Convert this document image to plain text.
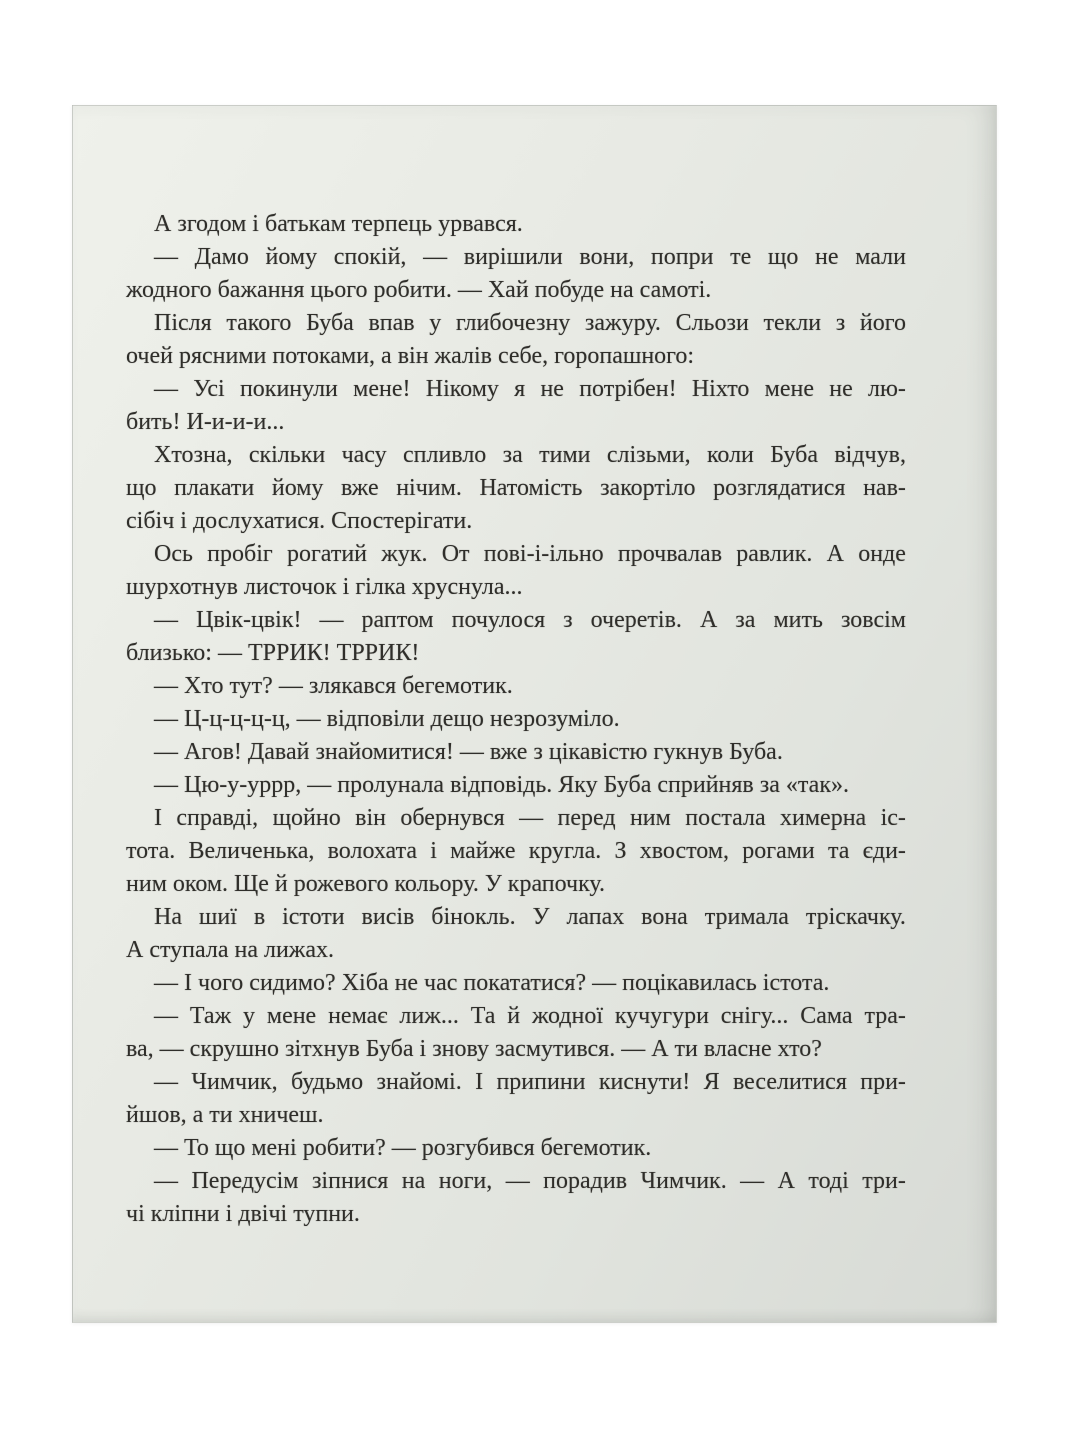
А згодом і батькам терпець урвався.
— Дамо йому спокій, — вирішили вони, попри те що не мали
жодного бажання цього робити. — Хай побуде на самоті.
Після такого Буба впав у глибочезну зажуру. Сльози текли з його
очей рясними потоками, а він жалів себе, горопашного:
— Усі покинули мене! Нікому я не потрібен! Ніхто мене не лю-
бить! И-и-и-и...
Хтозна, скільки часу спливло за тими слізьми, коли Буба відчув,
що плакати йому вже нічим. Натомість закортіло розглядатися нав-
сібіч і дослухатися. Спостерігати.
Ось пробіг рогатий жук. От пові-і-ільно прочвалав равлик. А онде
шурхотнув листочок і гілка хруснула...
— Цвік-цвік! — раптом почулося з очеретів. А за мить зовсім
близько: — ТРРИК! ТРРИК!
— Хто тут? — злякався бегемотик.
— Ц-ц-ц-ц-ц, — відповіли дещо незрозуміло.
— Агов! Давай знайомитися! — вже з цікавістю гукнув Буба.
— Цю-у-уррр, — пролунала відповідь. Яку Буба сприйняв за «так».
І справді, щойно він обернувся — перед ним постала химерна іс-
тота. Величенька, волохата і майже кругла. З хвостом, рогами та єди-
ним оком. Ще й рожевого кольору. У крапочку.
На шиї в істоти висів бінокль. У лапах вона тримала тріскачку.
А ступала на лижах.
— І чого сидимо? Хіба не час покататися? — поцікавилась істота.
— Таж у мене немає лиж... Та й жодної кучугури снігу... Сама тра-
ва, — скрушно зітхнув Буба і знову засмутився. — А ти власне хто?
— Чимчик, будьмо знайомі. І припини киснути! Я веселитися при-
йшов, а ти хничеш.
— То що мені робити? — розгубився бегемотик.
— Передусім зіпнися на ноги, — порадив Чимчик. — А тоді три-
чі кліпни і двічі тупни.
